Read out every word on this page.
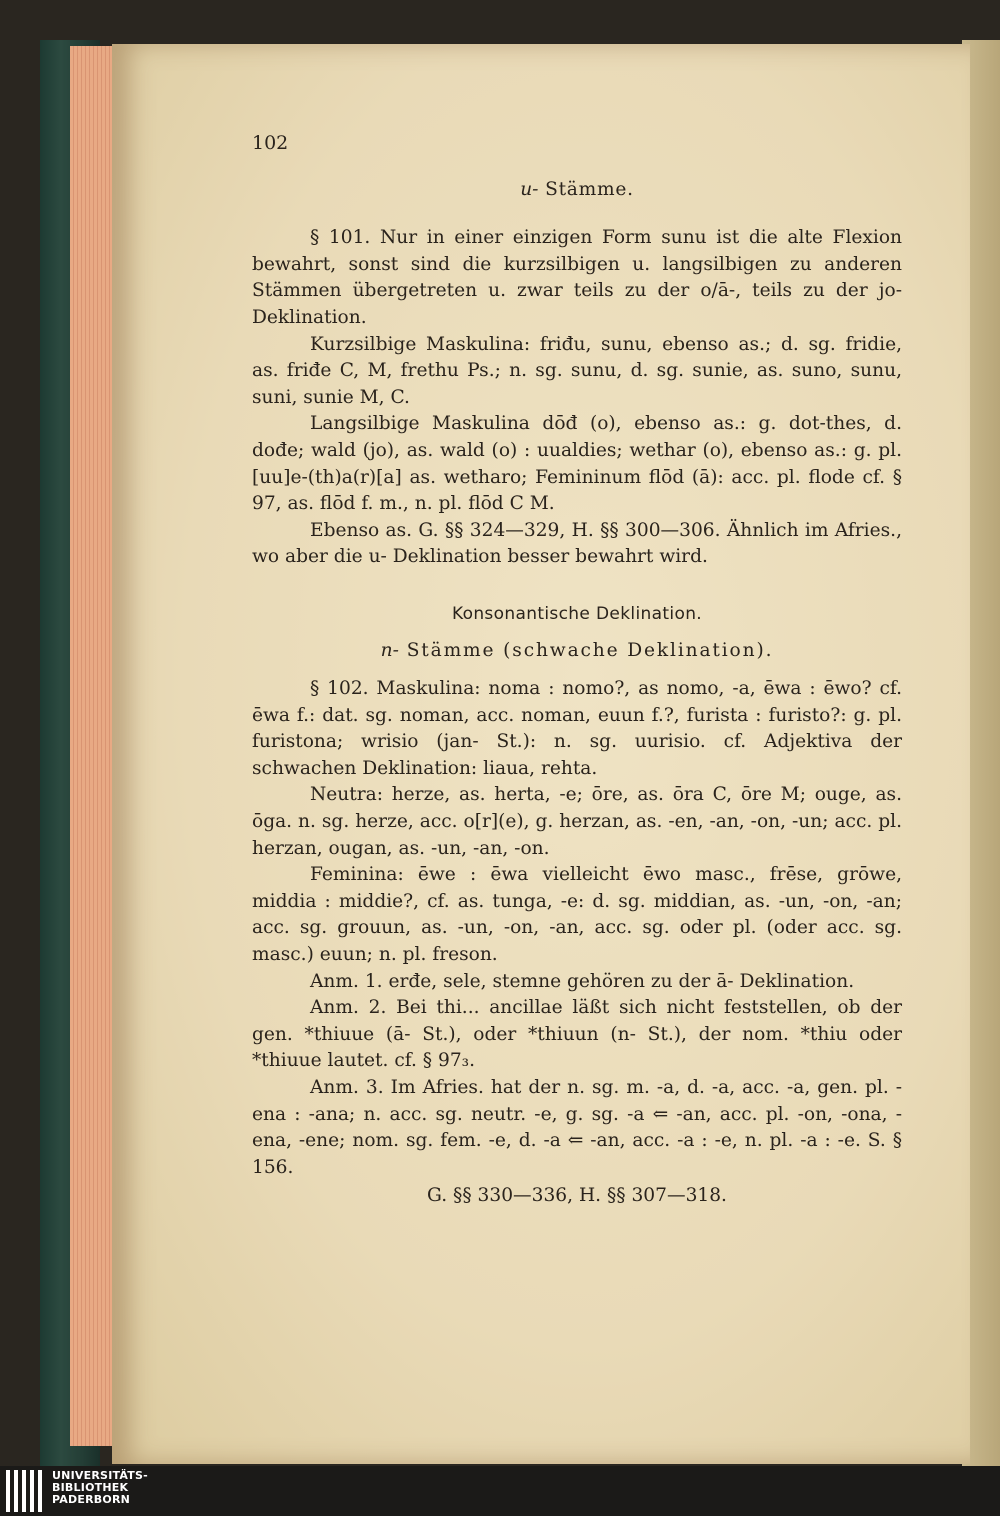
102
u- Stämme.

§ 101. Nur in einer einzigen Form sunu ist die alte Flexion bewahrt, sonst sind die kurzsilbigen u. langsilbigen zu anderen Stämmen übergetreten u. zwar teils zu der o/ā-, teils zu der jo-Deklination.

Kurzsilbige Maskulina: friđu, sunu, ebenso as.; d. sg. fridie, as. friđe C, M, frethu Ps.; n. sg. sunu, d. sg. sunie, as. suno, sunu, suni, sunie M, C.

Langsilbige Maskulina dōđ (o), ebenso as.: g. dot-thes, d. dođe; wald (jo), as. wald (o) : uualdies; wethar (o), ebenso as.: g. pl. [uu]e-(th)a(r)[a] as. wetharo; Femininum flōd (ā): acc. pl. flode cf. § 97, as. flōd f. m., n. pl. flōd C M.

Ebenso as. G. §§ 324—329, H. §§ 300—306. Ähnlich im Afries., wo aber die u- Deklination besser bewahrt wird.

Konsonantische Deklination.
n- Stämme (schwache Deklination).

§ 102. Maskulina: noma : nomo?, as nomo, -a, ēwa : ēwo? cf. ēwa f.: dat. sg. noman, acc. noman, euun f.?, furista : furisto?: g. pl. furistona; wrisio (jan- St.): n. sg. uurisio. cf. Adjektiva der schwachen Deklination: liaua, rehta.

Neutra: herze, as. herta, -e; ōre, as. ōra C, ōre M; ouge, as. ōga. n. sg. herze, acc. o[r](e), g. herzan, as. -en, -an, -on, -un; acc. pl. herzan, ougan, as. -un, -an, -on.

Feminina: ēwe : ēwa vielleicht ēwo masc., frēse, grōwe, middia : middie?, cf. as. tunga, -e: d. sg. middian, as. -un, -on, -an; acc. sg. grouun, as. -un, -on, -an, acc. sg. oder pl. (oder acc. sg. masc.) euun; n. pl. freson.

Anm. 1. erđe, sele, stemne gehören zu der ā- Deklination.

Anm. 2. Bei thi... ancillae läßt sich nicht feststellen, ob der gen. *thiuue (ā- St.), oder *thiuun (n- St.), der nom. *thiu oder *thiuue lautet. cf. § 97₃.

Anm. 3. Im Afries. hat der n. sg. m. -a, d. -a, acc. -a, gen. pl. -ena : -ana; n. acc. sg. neutr. -e, g. sg. -a ⇐ -an, acc. pl. -on, -ona, -ena, -ene; nom. sg. fem. -e, d. -a ⇐ -an, acc. -a : -e, n. pl. -a : -e. S. § 156.

G. §§ 330—336, H. §§ 307—318.
UNIVERSITÄTS-
BIBLIOTHEK
PADERBORN
